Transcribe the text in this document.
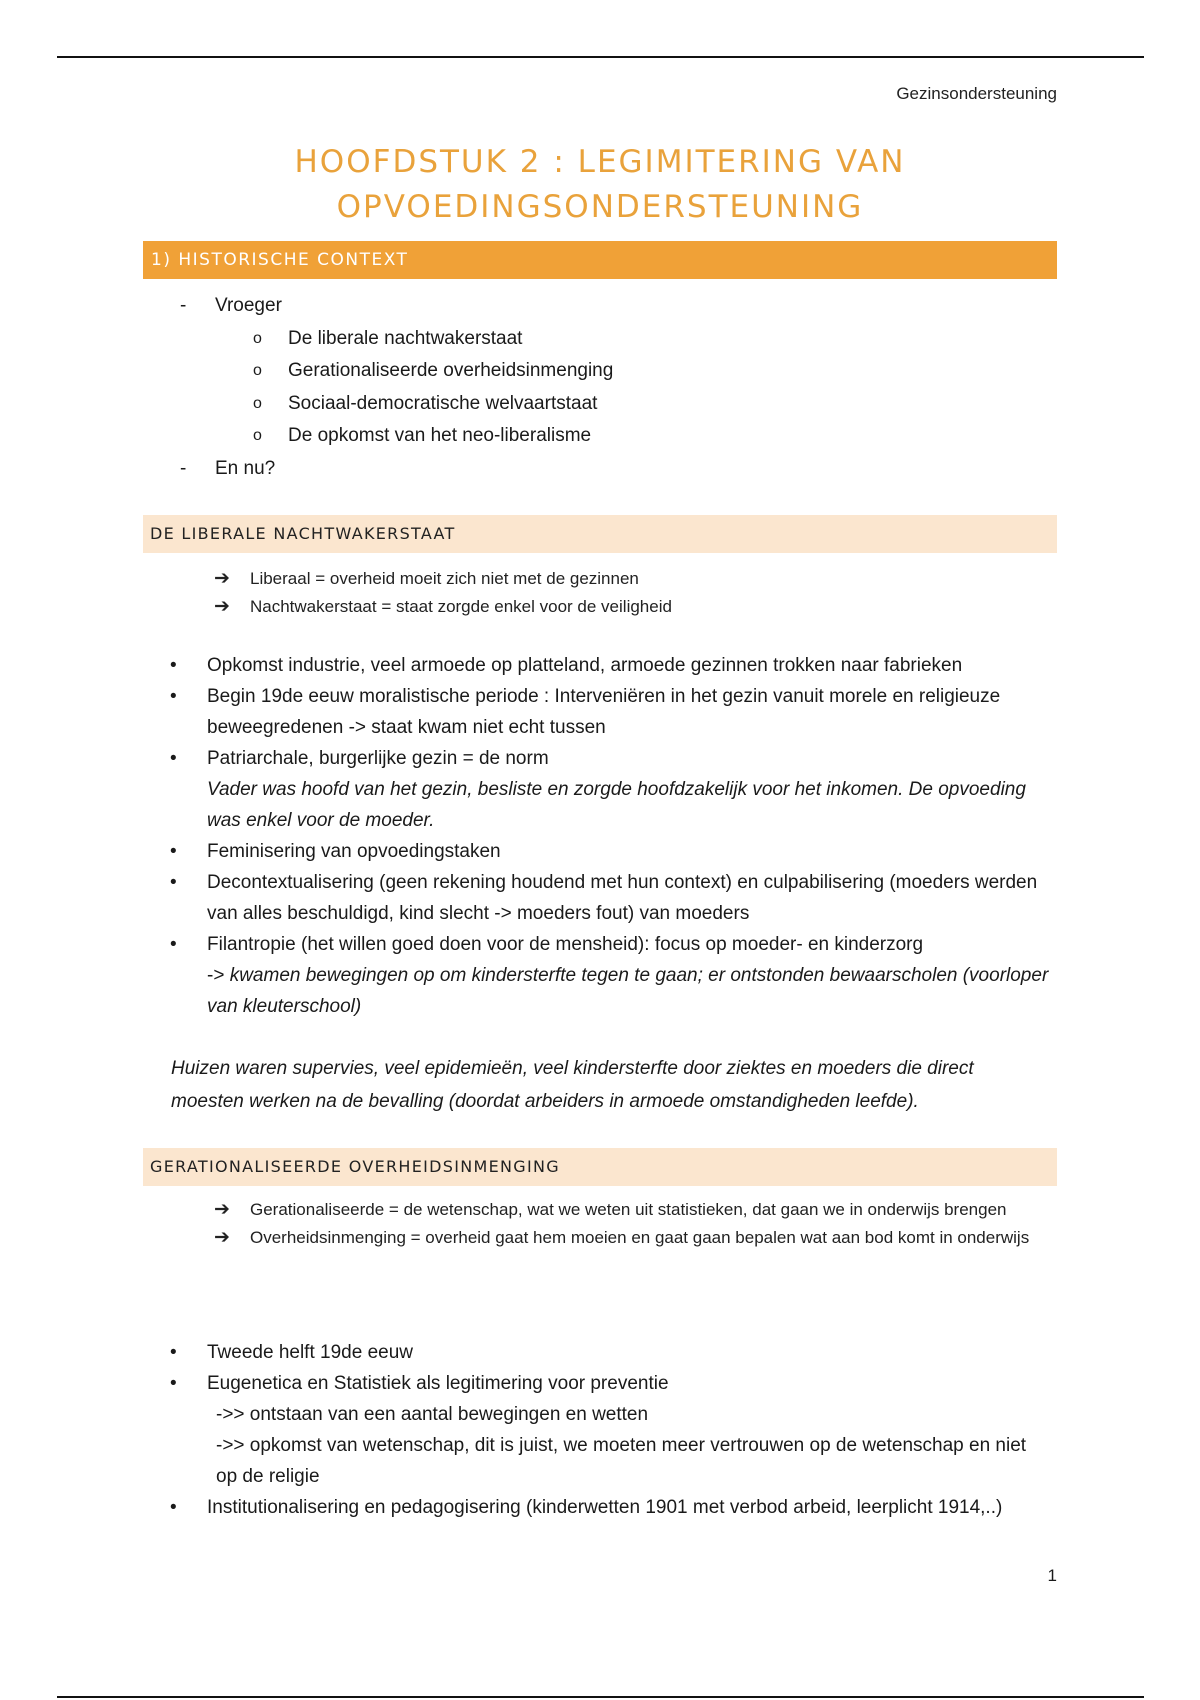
Gezinsondersteuning
HOOFDSTUK 2 : LEGIMITERING VAN
OPVOEDINGSONDERSTEUNING
1) HISTORISCHE CONTEXT
- Vroeger
o De liberale nachtwakerstaat
o Gerationaliseerde overheidsinmenging
o Sociaal-democratische welvaartstaat
o De opkomst van het neo-liberalisme
- En nu?
DE LIBERALE NACHTWAKERSTAAT
➔ Liberaal = overheid moeit zich niet met de gezinnen
➔ Nachtwakerstaat = staat zorgde enkel voor de veiligheid
• Opkomst industrie, veel armoede op platteland, armoede gezinnen trokken naar fabrieken
• Begin 19de eeuw moralistische periode : Interveniëren in het gezin vanuit morele en religieuze beweegredenen -> staat kwam niet echt tussen
• Patriarchale, burgerlijke gezin = de norm
Vader was hoofd van het gezin, besliste en zorgde hoofdzakelijk voor het inkomen. De opvoeding was enkel voor de moeder.
• Feminisering van opvoedingstaken
• Decontextualisering (geen rekening houdend met hun context) en culpabilisering (moeders werden van alles beschuldigd, kind slecht -> moeders fout) van moeders
• Filantropie (het willen goed doen voor de mensheid): focus op moeder- en kinderzorg
-> kwamen bewegingen op om kindersterfte tegen te gaan; er ontstonden bewaarscholen (voorloper van kleuterschool)
Huizen waren supervies, veel epidemieën, veel kindersterfte door ziektes en moeders die direct moesten werken na de bevalling (doordat arbeiders in armoede omstandigheden leefde).
GERATIONALISEERDE OVERHEIDSINMENGING
➔ Gerationaliseerde = de wetenschap, wat we weten uit statistieken, dat gaan we in onderwijs brengen
➔ Overheidsinmenging = overheid gaat hem moeien en gaat gaan bepalen wat aan bod komt in onderwijs
• Tweede helft 19de eeuw
• Eugenetica en Statistiek als legitimering voor preventie
->> ontstaan van een aantal bewegingen en wetten
->> opkomst van wetenschap, dit is juist, we moeten meer vertrouwen op de wetenschap en niet op de religie
• Institutionalisering en pedagogisering (kinderwetten 1901 met verbod arbeid, leerplicht 1914,..)
1
